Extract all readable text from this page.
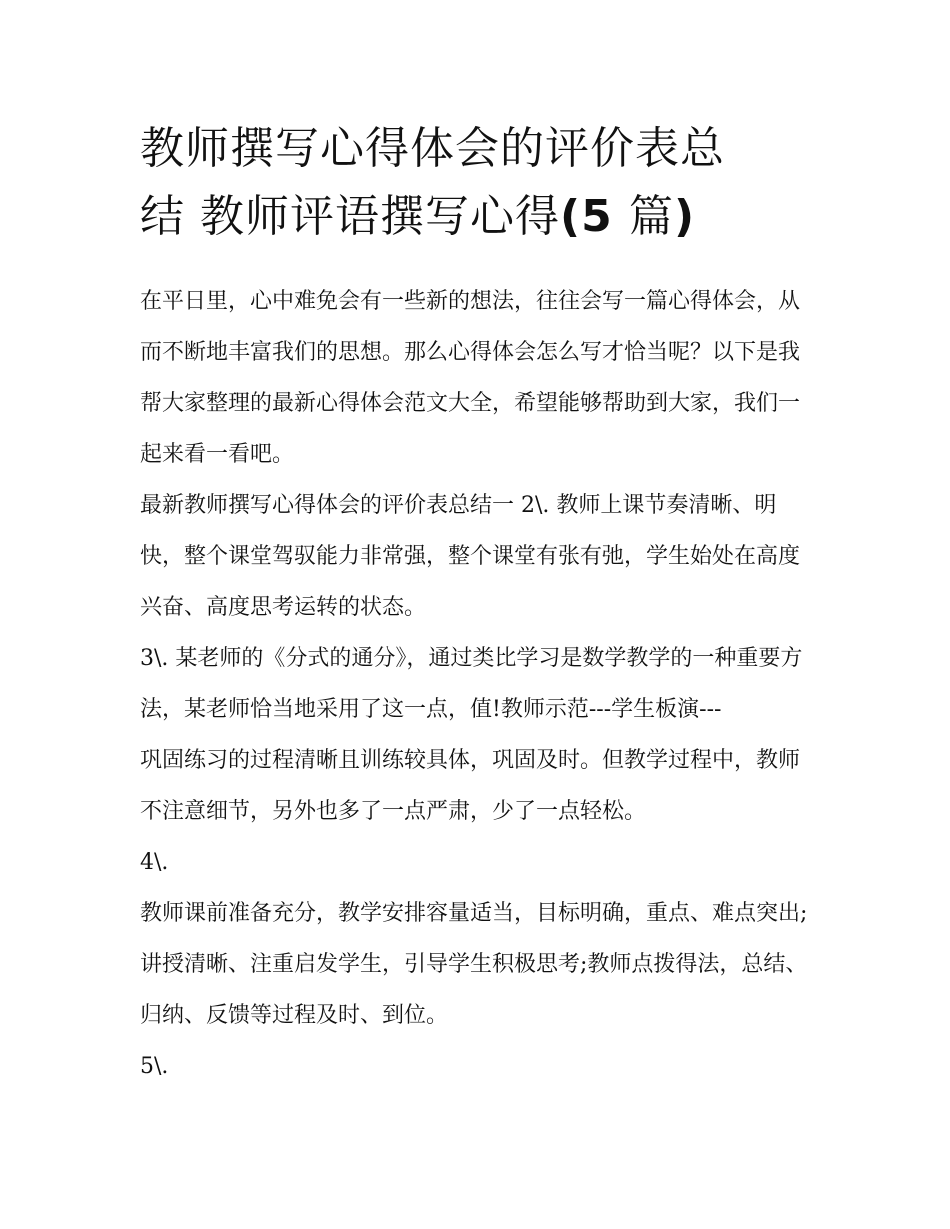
教师撰写心得体会的评价表总
结 教师评语撰写心得(5 篇)

在平日里，心中难免会有一些新的想法，往往会写一篇心得体会，从而不断地丰富我们的思想。那么心得体会怎么写才恰当呢？以下是我帮大家整理的最新心得体会范文大全，希望能够帮助到大家，我们一起来看一看吧。

最新教师撰写心得体会的评价表总结一 2\. 教师上课节奏清晰、明快，整个课堂驾驭能力非常强，整个课堂有张有弛，学生始处在高度兴奋、高度思考运转的状态。

3\. 某老师的《分式的通分》，通过类比学习是数学教学的一种重要方法，某老师恰当地采用了这一点，值!教师示范---学生板演---

巩固练习的过程清晰且训练较具体，巩固及时。但教学过程中，教师不注意细节，另外也多了一点严肃，少了一点轻松。

4\.

教师课前准备充分，教学安排容量适当，目标明确，重点、难点突出;讲授清晰、注重启发学生，引导学生积极思考;教师点拨得法，总结、归纳、反馈等过程及时、到位。

5\.
